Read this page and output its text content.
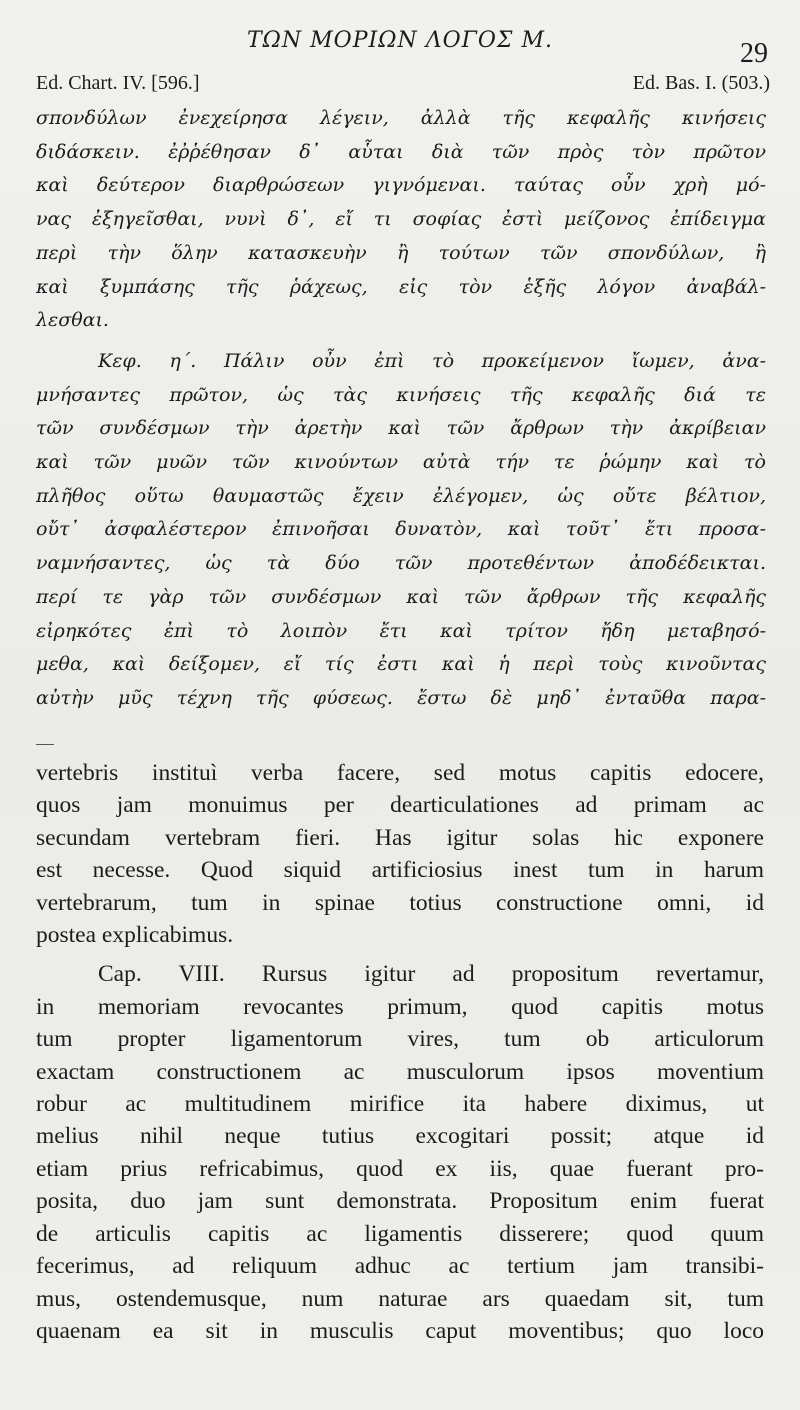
ΤΩΝ ΜΟΡΙΩΝ ΛΟΓΟΣ Μ.	29
Ed. Chart. IV. [596.]	Ed. Bas. I. (503.)

σπονδύλων ἐνεχείρησα λέγειν, ἀλλὰ τῆς κεφαλῆς κινήσεις
διδάσκειν. ἐῤῥέθησαν δ᾽ αὗται διὰ τῶν πρὸς τὸν πρῶτον
καὶ δεύτερον διαρθρώσεων γιγνόμεναι. ταύτας οὖν χρὴ μό-
νας ἐξηγεῖσθαι, νυνὶ δ᾽, εἴ τι σοφίας ἐστὶ μείζονος ἐπίδειγμα
περὶ τὴν ὅλην κατασκευὴν ἢ τούτων τῶν σπονδύλων, ἢ
καὶ ξυμπάσης τῆς ῥάχεως, εἰς τὸν ἑξῆς λόγον ἀναβάλ-
λεσθαι.

Κεφ. η΄. Πάλιν οὖν ἐπὶ τὸ προκείμενον ἴωμεν, ἀνα-
μνήσαντες πρῶτον, ὡς τὰς κινήσεις τῆς κεφαλῆς διά τε
τῶν συνδέσμων τὴν ἀρετὴν καὶ τῶν ἄρθρων τὴν ἀκρίβειαν
καὶ τῶν μυῶν τῶν κινούντων αὐτὰ τήν τε ῥώμην καὶ τὸ
πλῆθος οὕτω θαυμαστῶς ἔχειν ἐλέγομεν, ὡς οὔτε βέλτιον,
οὔτ᾽ ἀσφαλέστερον ἐπινοῆσαι δυνατὸν, καὶ τοῦτ᾽ ἔτι προσα-
ναμνήσαντες, ὡς τὰ δύο τῶν προτεθέντων ἀποδέδεικται.
περί τε γὰρ τῶν συνδέσμων καὶ τῶν ἄρθρων τῆς κεφαλῆς
εἰρηκότες ἐπὶ τὸ λοιπὸν ἔτι καὶ τρίτον ἤδη μεταβησό-
μεθα, καὶ δείξομεν, εἴ τίς ἐστι καὶ ἡ περὶ τοὺς κινοῦντας
αὐτὴν μῦς τέχνη τῆς φύσεως. ἔστω δὲ μηδ᾽ ἐνταῦθα παρα-

vertebris instituì verba facere, sed motus capitis edocere,
quos jam monuimus per dearticulationes ad primam ac
secundam vertebram fieri. Has igitur solas hic exponere
est necesse. Quod siquid artificiosius inest tum in harum
vertebrarum, tum in spinae totius constructione omni, id
postea explicabimus.

Cap. VIII. Rursus igitur ad propositum revertamur,
in memoriam revocantes primum, quod capitis motus
tum propter ligamentorum vires, tum ob articulorum
exactam constructionem ac musculorum ipsos moventium
robur ac multitudinem mirifice ita habere diximus, ut
melius nihil neque tutius excogitari possit; atque id
etiam prius refricabimus, quod ex iis, quae fuerant pro-
posita, duo jam sunt demonstrata. Propositum enim fuerat
de articulis capitis ac ligamentis disserere; quod quum
fecerimus, ad reliquum adhuc ac tertium jam transibi-
mus, ostendemusque, num naturae ars quaedam sit, tum
quaenam ea sit in musculis caput moventibus; quo loco
